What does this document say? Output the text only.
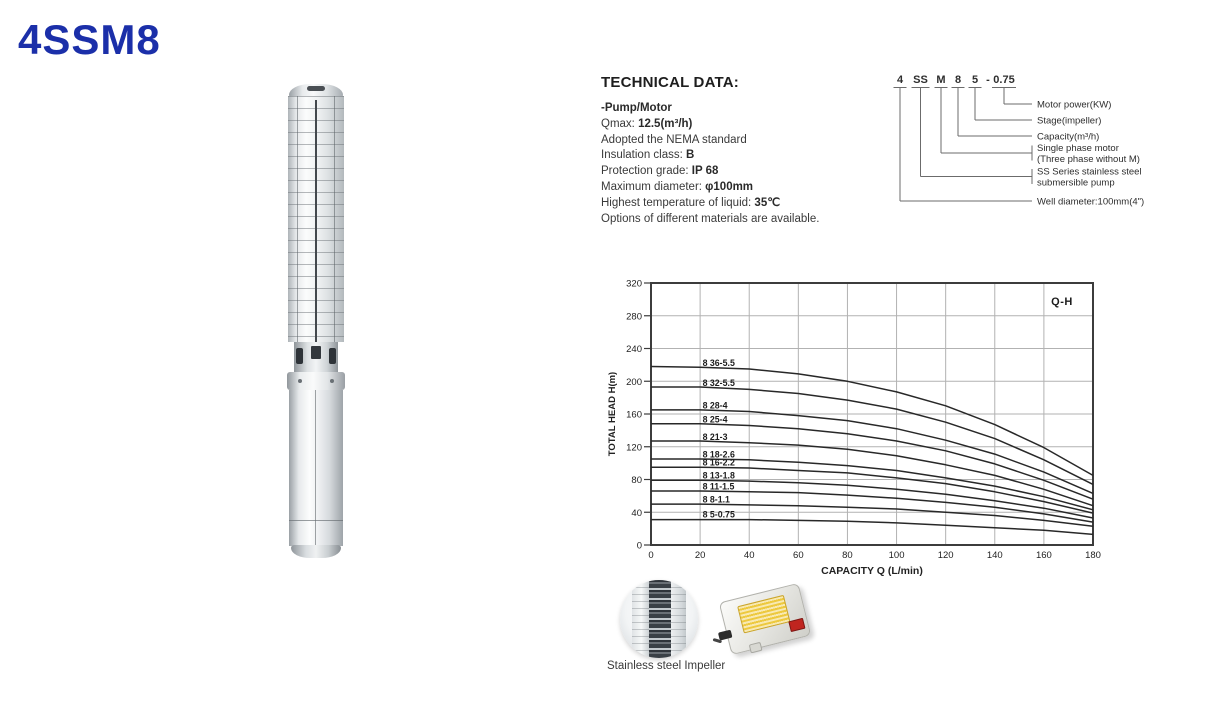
4SSM8
TECHNICAL DATA:
-Pump/Motor
Qmax: 12.5(m³/h)
Adopted the NEMA standard
Insulation class: B
Protection grade: IP 68
Maximum diameter: φ100mm
Highest temperature of liquid: 35℃
Options of different materials are available.
4
Well diameter:100mm(4")
SS
SS Series stainless steel
submersible pump
M
Single phase motor
(Three phase without M)
8
Capacity(m³/h)
5
Stage(impeller)
- 0.75
Motor power(KW)
0
40
80
120
160
200
240
280
320
0	20	40	60	80	100	120	140	160	180
CAPACITY Q (L/min)
TOTAL HEAD H(m)
Q-H
8 36-5.5
8 32-5.5
8 28-4
8 25-4
8 21-3
8 18-2.6
8 16-2.2
8 13-1.8
8 11-1.5
8 8-1.1
8 5-0.75
Stainless steel Impeller
